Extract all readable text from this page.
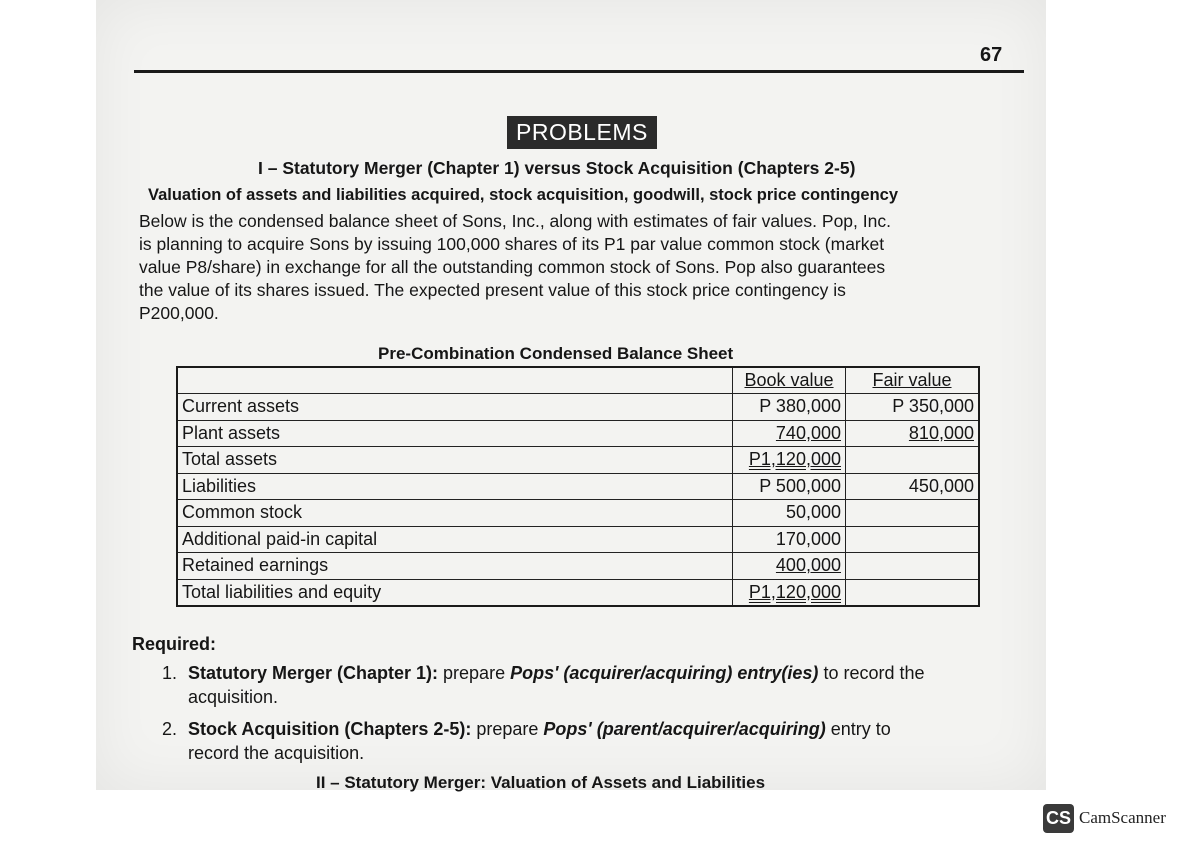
67
PROBLEMS
I – Statutory Merger (Chapter 1) versus Stock Acquisition (Chapters 2-5)
Valuation of assets and liabilities acquired, stock acquisition, goodwill, stock price contingency
Below is the condensed balance sheet of Sons, Inc., along with estimates of fair values. Pop, Inc.
is planning to acquire Sons by issuing 100,000 shares of its P1 par value common stock (market
value P8/share) in exchange for all the outstanding common stock of Sons. Pop also guarantees
the value of its shares issued. The expected present value of this stock price contingency is
P200,000.
Pre-Combination Condensed Balance Sheet
	Book value	Fair value
Current assets	P 380,000	P 350,000
Plant assets	740,000	810,000
Total assets	P1,120,000	
Liabilities	P 500,000	450,000
Common stock	50,000	
Additional paid-in capital	170,000	
Retained earnings	400,000	
Total liabilities and equity	P1,120,000	
Required:
1. Statutory Merger (Chapter 1): prepare Pops' (acquirer/acquiring) entry(ies) to record the
acquisition.
2. Stock Acquisition (Chapters 2-5): prepare Pops' (parent/acquirer/acquiring) entry to
record the acquisition.
II – Statutory Merger: Valuation of Assets and Liabilities
CS CamScanner
